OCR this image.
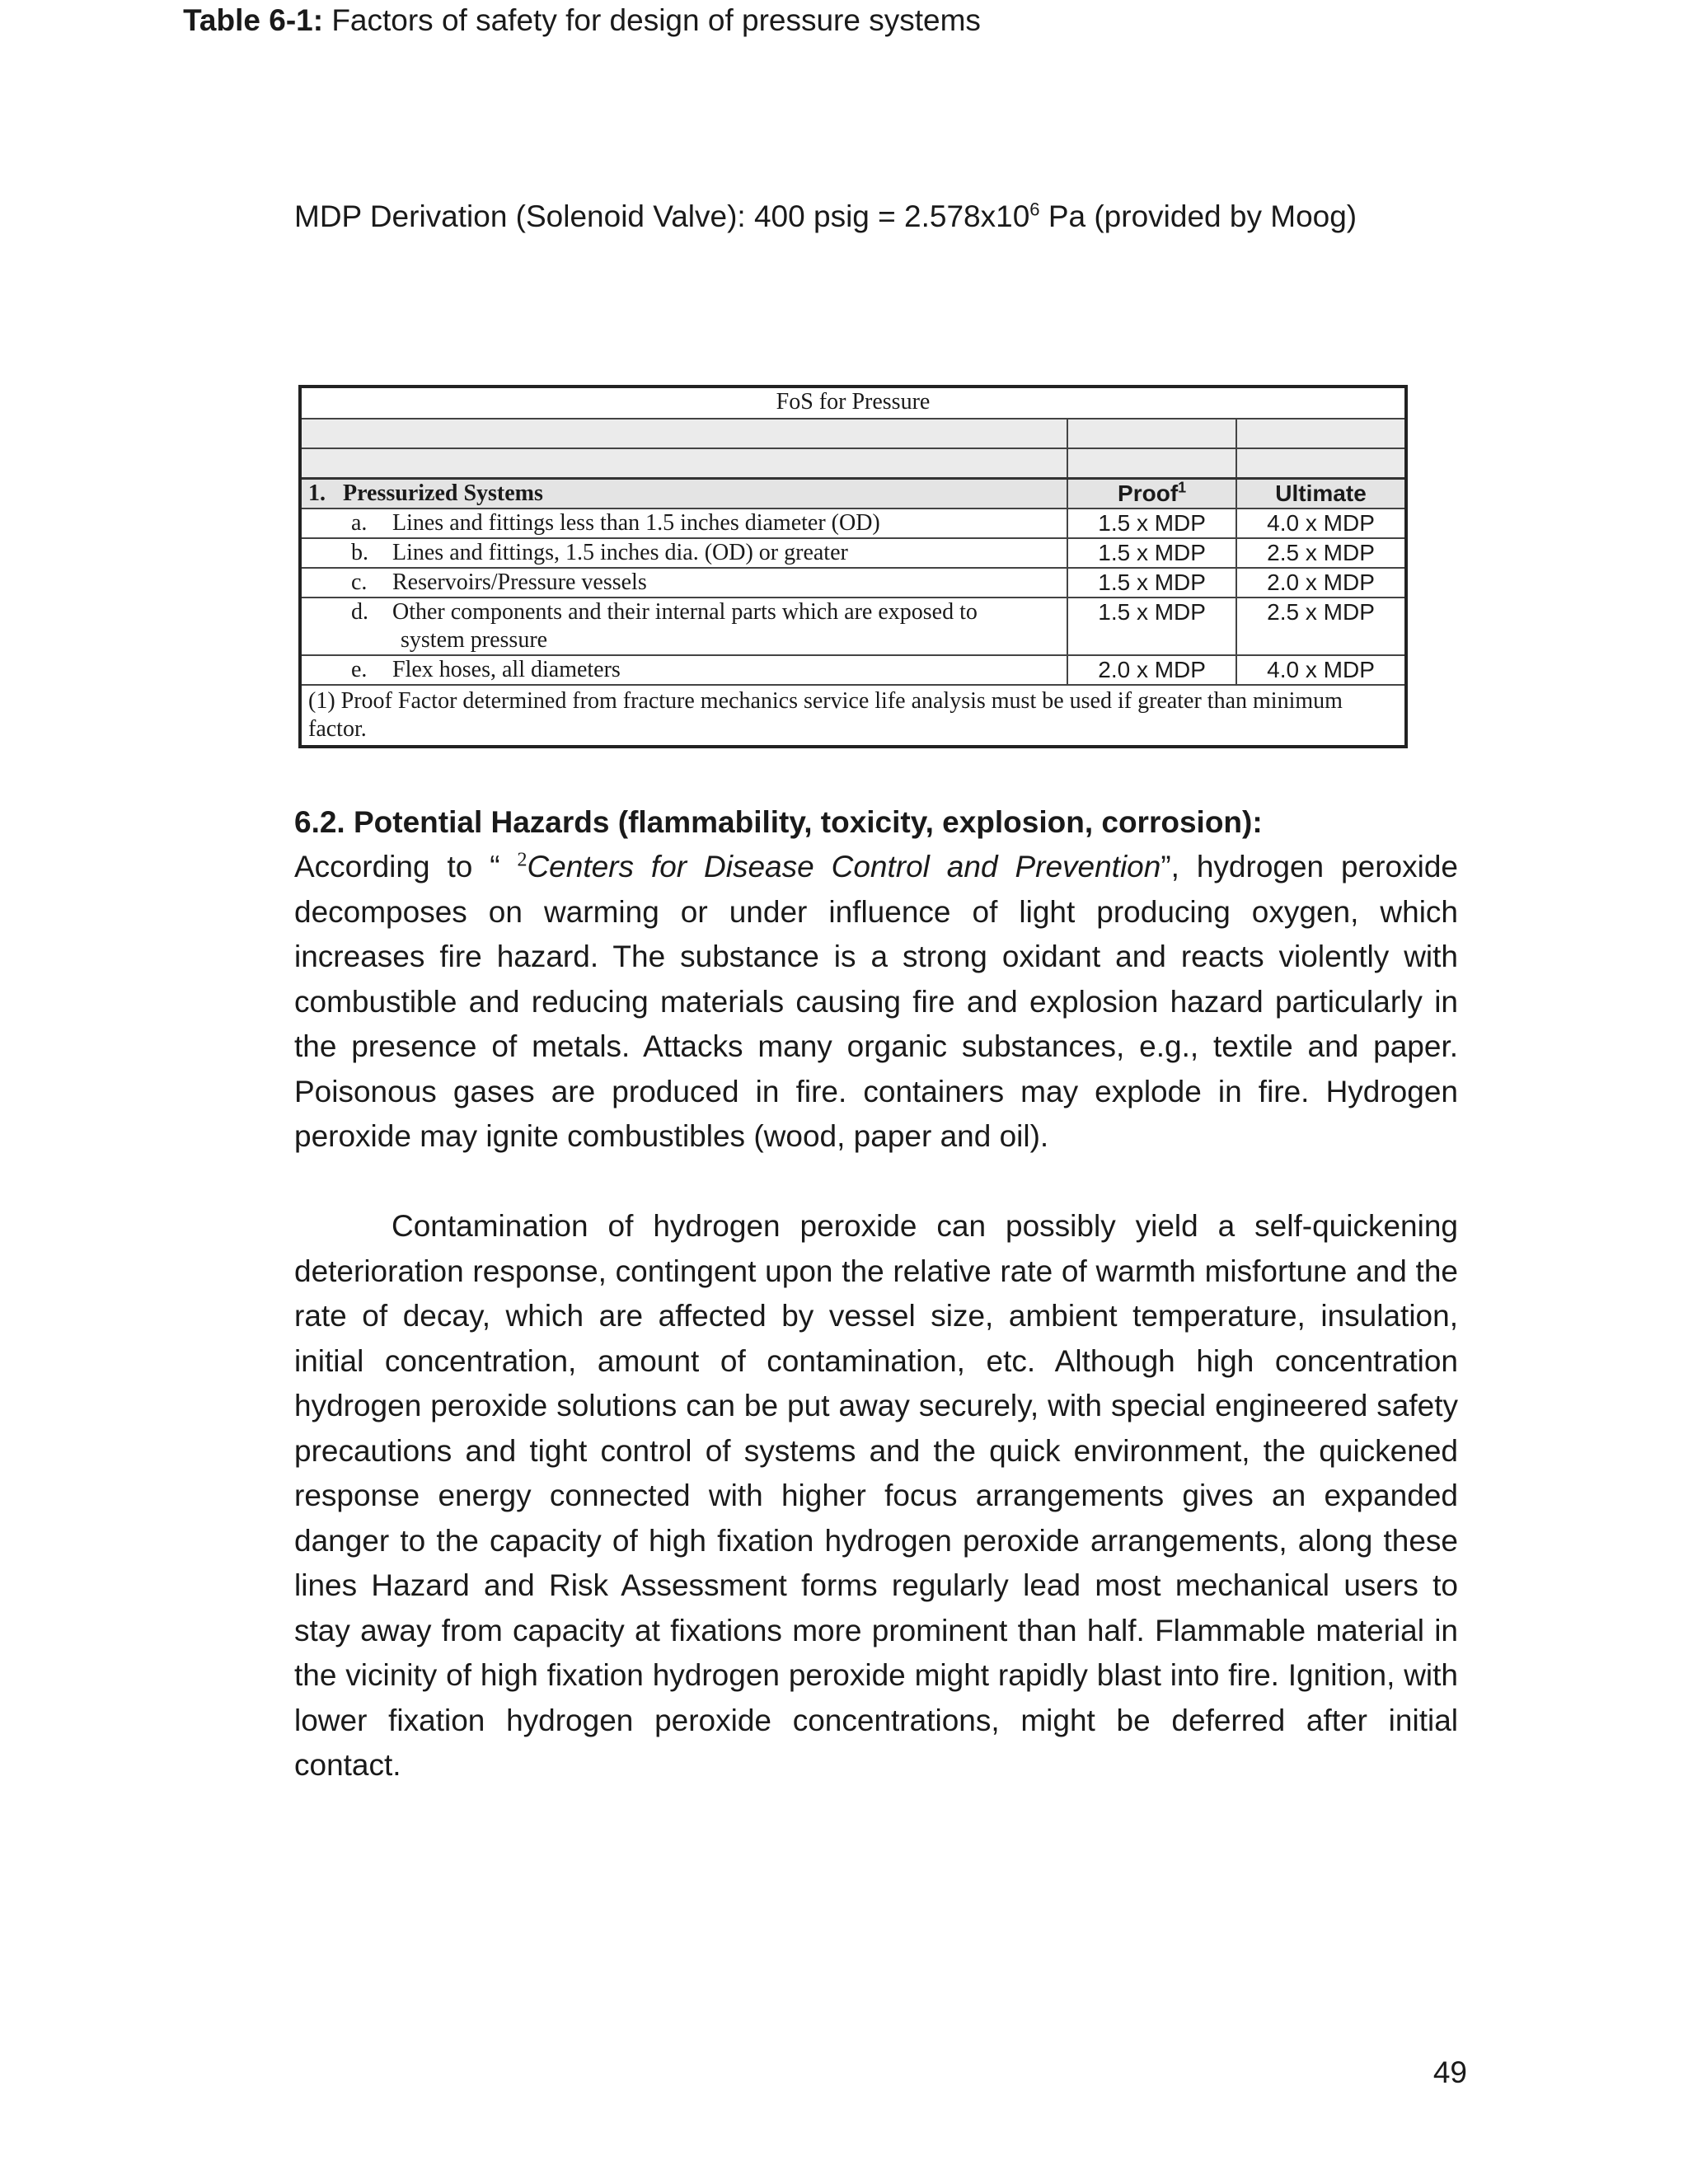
MDP Derivation (Solenoid Valve): 400 psig = $2.578x10^6$ Pa (provided by Moog)
Table 6-1: Factors of safety for design of pressure systems
FoS for Pressure		

1. Pressurized Systems	Proof$^1$	Ultimate
a. Lines and fittings less than 1.5 inches diameter (OD)	1.5 x MDP	4.0 x MDP
b. Lines and fittings, 1.5 inches dia. (OD) or greater	1.5 x MDP	2.5 x MDP
c. Reservoirs/Pressure vessels	1.5 x MDP	2.0 x MDP
d. Other components and their internal parts which are exposed to
system pressure	1.5 x MDP	2.5 x MDP
e. Flex hoses, all diameters	2.0 x MDP	4.0 x MDP
(1) Proof Factor determined from fracture mechanics service life analysis must be used if greater than minimum factor.		
6.2. Potential Hazards (flammability, toxicity, explosion, corrosion):

According to “ $^2$Centers for Disease Control and Prevention”, hydrogen peroxide decomposes on warming or under influence of light producing oxygen, which increases fire hazard. The substance is a strong oxidant and reacts violently with combustible and reducing materials causing fire and explosion hazard particularly in the presence of metals. Attacks many organic substances, e.g., textile and paper. Poisonous gases are produced in fire. containers may explode in fire. Hydrogen peroxide may ignite combustibles (wood, paper and oil).

Contamination of hydrogen peroxide can possibly yield a self-quickening deterioration response, contingent upon the relative rate of warmth misfortune and the rate of decay, which are affected by vessel size, ambient temperature, insulation, initial concentration, amount of contamination, etc. Although high concentration hydrogen peroxide solutions can be put away securely, with special engineered safety precautions and tight control of systems and the quick environment, the quickened response energy connected with higher focus arrangements gives an expanded danger to the capacity of high fixation hydrogen peroxide arrangements, along these lines Hazard and Risk Assessment forms regularly lead most mechanical users to stay away from capacity at fixations more prominent than half. Flammable material in the vicinity of high fixation hydrogen peroxide might rapidly blast into fire. Ignition, with lower fixation hydrogen peroxide concentrations, might be deferred after initial contact.

49
